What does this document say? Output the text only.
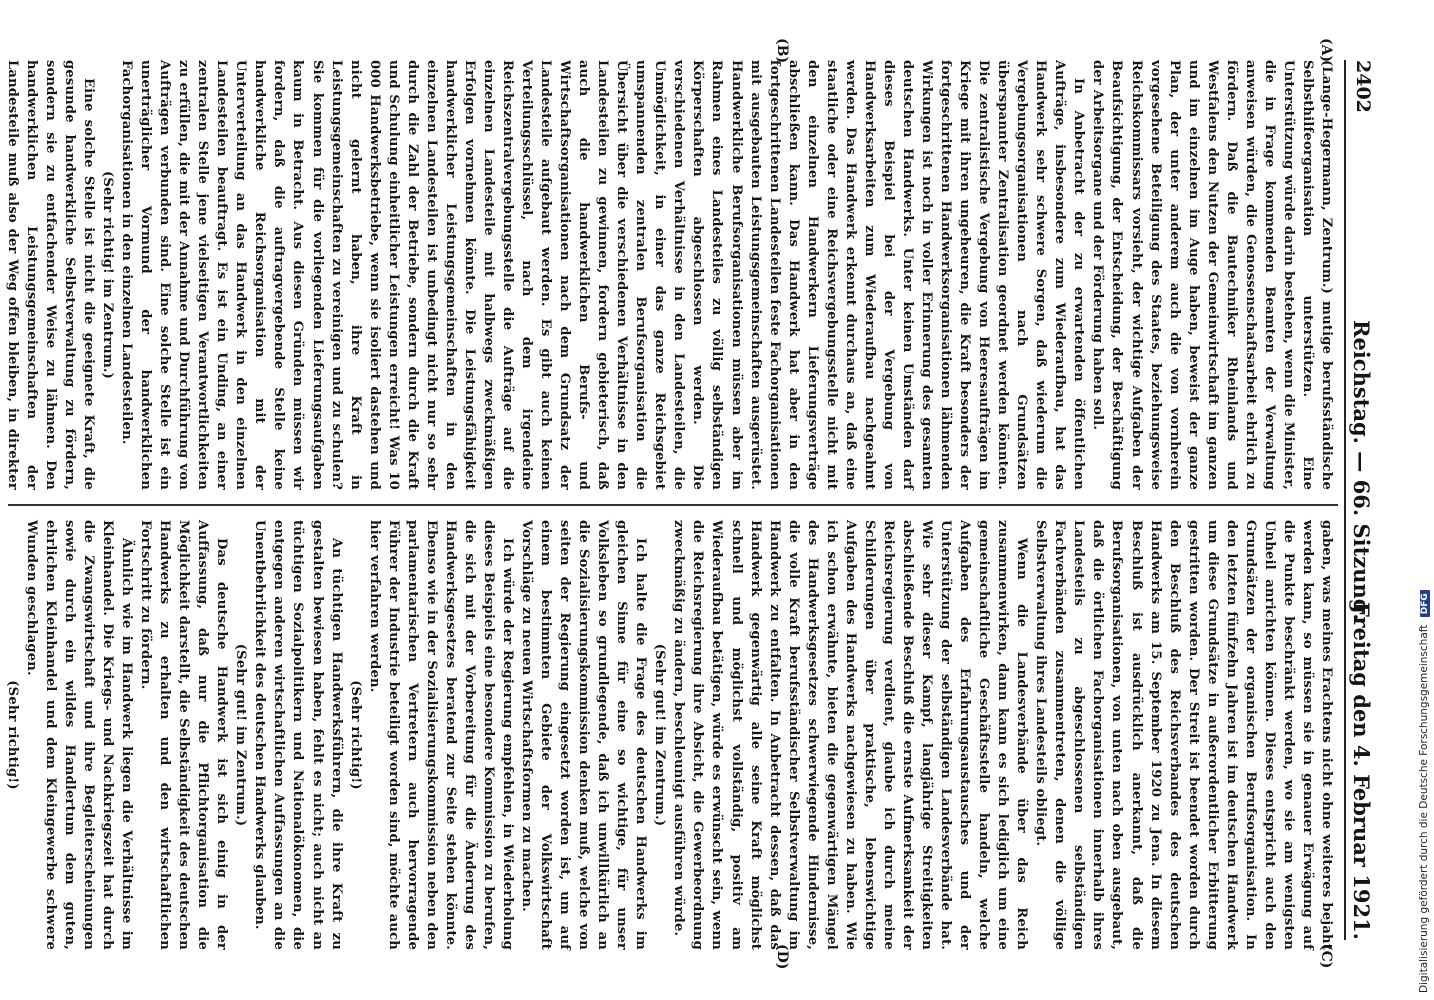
2402
Reichstag. — 66. Sitzung.
Freitag den 4. Februar 1921.
(A)
(B)
(C)
(D)

(Lange-Hegermann, Zentrum.) mutige berufsständische Selbsthilfeorganisation unterstützen. Eine Unterstützung würde darin bestehen, wenn die Minister, die in Frage kommenden Beamten der Verwaltung anweisen würden, die Genossenschaftsarbeit ehrlich zu fördern. Daß die Bautechniker Rheinlands und Westfalens den Nutzen der Gemeinwirtschaft im ganzen und im einzelnen im Auge haben, beweist der ganze Plan, der unter anderem auch die von vornherein vorgesehene Beteiligung des Staates, beziehungsweise Reichskommissars vorsieht, der wichtige Aufgaben der Beaufsichtigung, der Entscheidung, der Beschäftigung der Arbeitsorgane und der Förderung haben soll.

In Anbetracht der zu erwartenden öffentlichen Aufträge, insbesondere zum Wiederaufbau, hat das Handwerk sehr schwere Sorgen, daß wiederum die Vergebungsorganisationen nach Grundsätzen überspannter Zentralisation geordnet werden könnten. Die zentralistische Vergebung von Heeresaufträgen im Kriege mit ihren ungeheuren, die Kraft besonders der fortgeschrittenen Handwerksorganisationen lähmenden Wirkungen ist noch in voller Erinnerung des gesamten deutschen Handwerks. Unter keinen Umständen darf dieses Beispiel bei der Vergebung von Handwerksarbeiten zum Wiederaufbau nachgeahmt werden. Das Handwerk erkennt durchaus an, daß eine staatliche oder eine Reichsvergebungsstelle nicht mit den einzelnen Handwerkern Lieferungsverträge abschließen kann. Das Handwerk hat aber in den fortgeschrittenen Landesteilen feste Fachorganisationen mit ausgebauten Leistungsgemeinschaften ausgerüstet. Handwerkliche Berufsorganisationen müssen aber im Rahmen eines Landesteiles zu völlig selbständigen Körperschaften abgeschlossen werden. Die verschiedenen Verhältnisse in den Landesteilen, die Unmöglichkeit, in einer das ganze Reichsgebiet umspannenden zentralen Berufsorganisation die Übersicht über die verschiedenen Verhältnisse in den Landesteilen zu gewinnen, fordern gebieterisch, daß auch die handwerklichen Berufs- und Wirtschaftsorganisationen nach dem Grundsatz der Landesteile aufgebaut werden. Es gibt auch keinen Verteilungsschlüssel, nach dem irgendeine Reichszentralvergebungsstelle die Aufträge auf die einzelnen Landesteile mit halbwegs zweckmäßigen Erfolgen vornehmen könnte. Die Leistungsfähigkeit handwerklicher Leistungsgemeinschaften in den einzelnen Landesteilen ist unbedingt nicht nur so sehr durch die Zahl der Betriebe, sondern durch die Kraft und Schulung einheitlicher Leistungen erreicht! Was 10 000 Handwerksbetriebe, wenn sie isoliert dastehen und nicht gelernt haben, ihre Kraft in Leistungsgemeinschaften zu vereinigen und zu schulen? Sie kommen für die vorliegenden Lieferungsaufgaben kaum in Betracht. Aus diesen Gründen müssen wir fordern, daß die auftragvergebende Stelle keine handwerkliche Reichsorganisation mit der Unterverteilung an das Handwerk in den einzelnen Landesteilen beauftragt. Es ist ein Unding, an einer zentralen Stelle jene vielseitigen Verantwortlichkeiten zu erfüllen, die mit der Annahme und Durchführung von Aufträgen verbunden sind. Eine solche Stelle ist ein unerträglicher Vormund der handwerklichen Fachorganisationen in den einzelnen Landesteilen.

(Sehr richtig! im Zentrum.)

Eine solche Stelle ist nicht die geeignete Kraft, die gesunde handwerkliche Selbstverwaltung zu fördern, sondern sie zu entfachender Weise zu lähmen. Den handwerklichen Leistungsgemeinschaften der Landesteile muß also der Weg offen bleiben, in direkter

gaben, was meines Erachtens nicht ohne weiteres bejaht werden kann, so müssen sie in genauer Erwägung auf die Punkte beschränkt werden, wo sie am wenigsten Unheil anrichten können. Dieses entspricht auch den Grundsätzen der organischen Berufsorganisation. In den letzten fünfzehn Jahren ist im deutschen Handwerk um diese Grundsätze in außerordentlicher Erbitterung gestritten worden. Der Streit ist beendet worden durch den Beschluß des Reichsverbandes des deutschen Handwerks am 15. September 1920 zu Jena. In diesem Beschluß ist ausdrücklich anerkannt, daß die Berufsorganisationen, von unten nach oben ausgebaut, daß die örtlichen Fachorganisationen innerhalb ihres Landesteils zu abgeschlossenen selbständigen Fachverbänden zusammentreten, denen die völlige Selbstverwaltung ihres Landesteils obliegt.

Wenn die Landesverbände über das Reich zusammenwirken, dann kann es sich lediglich um eine gemeinschaftliche Geschäftsstelle handeln, welche Aufgaben des Erfahrungsaustausches und der Unterstützung der selbständigen Landesverbände hat. Wie sehr dieser Kampf, langjährige Streitigkeiten abschließende Beschluß die ernste Aufmerksamkeit der Reichsregierung verdient, glaube ich durch meine Schilderungen über praktische, lebenswichtige Aufgaben des Handwerks nachgewiesen zu haben. Wie ich schon erwähnte, bieten die gegenwärtigen Mängel des Handwerksgesetzes schwerwiegende Hindernisse, die volle Kraft berufsständischer Selbstverwaltung im Handwerk zu entfalten. In Anbetracht dessen, daß das Handwerk gegenwärtig alle seine Kraft möglichst schnell und möglichst vollständig, positiv am Wiederaufbau betätigen, würde es erwünscht sein, wenn die Reichsregierung ihre Absicht, die Gewerbeordnung zweckmäßig zu ändern, beschleunigt ausführen würde.

(Sehr gut! im Zentrum.)

Ich halte die Frage des deutschen Handwerks im gleichen Sinne für eine so wichtige, für unser Volksleben so grundlegende, daß ich unwillkürlich an die Sozialisierungskommission denken muß, welche von seiten der Regierung eingesetzt worden ist, um auf einem bestimmten Gebiete der Volkswirtschaft Vorschläge zu neuen Wirtschaftsformen zu machen.

Ich würde der Regierung empfehlen, in Wiederholung dieses Beispiels eine besondere Kommission zu berufen, die sich mit der Vorbereitung für die Änderung des Handwerksgesetzes beratend zur Seite stehen könnte. Ebenso wie in der Sozialisierungskommission neben den parlamentarischen Vertretern auch hervorragende Führer der Industrie beteiligt worden sind, möchte auch hier verfahren werden.

(Sehr richtig!)

An tüchtigen Handwerksführern, die ihre Kraft zu gestalten bewiesen haben, fehlt es nicht; auch nicht an tüchtigen Sozialpolitikern und Nationalökonomen, die entgegen anderen wirtschaftlichen Auffassungen an die Unentbehrlichkeit des deutschen Handwerks glauben.

(Sehr gut! im Zentrum.)

Das deutsche Handwerk ist sich einig in der Auffassung, daß nur die Pflichtorganisation die Möglichkeit darstellt, die Selbständigkeit des deutschen Handwerks zu erhalten und den wirtschaftlichen Fortschritt zu fördern.

Ähnlich wie im Handwerk liegen die Verhältnisse im Kleinhandel. Die Kriegs- und Nachkriegszeit hat durch die Zwangswirtschaft und ihre Begleiterscheinungen sowie durch ein wildes Handlertum dem guten, ehrlichen Kleinhandel und dem Kleingewerbe schwere Wunden geschlagen.

(Sehr richtig!)	Digitalisierung gefördert durch die Deutsche Forschungsgemeinschaft DFG
